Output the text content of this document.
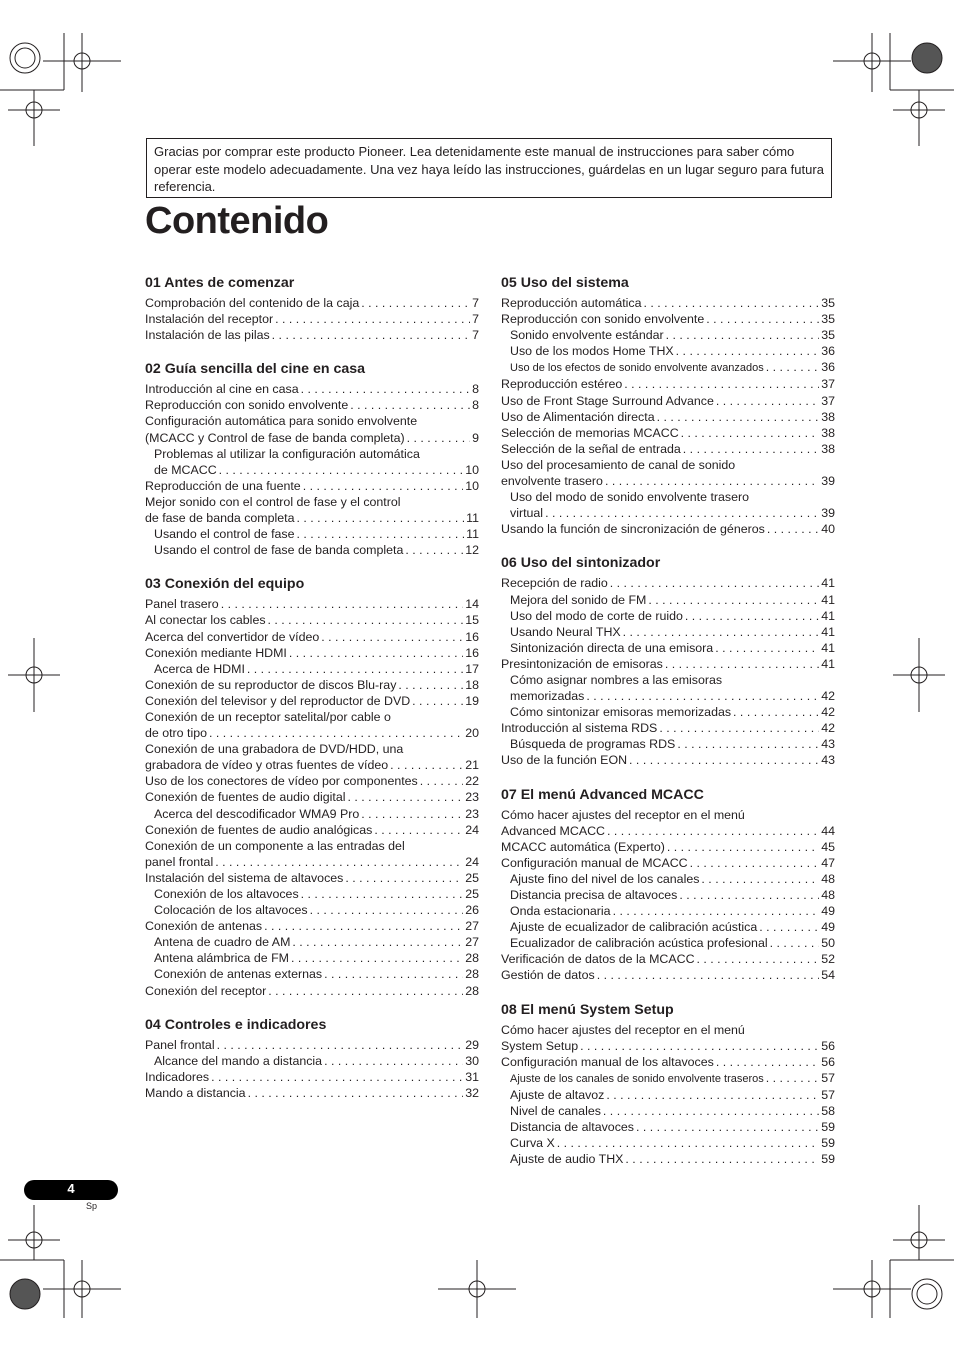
Gracias por comprar este producto Pioneer. Lea detenidamente este manual de instrucciones para saber cómo operar este modelo adecuadamente. Una vez haya leído las instrucciones, guárdelas en un lugar seguro para futura referencia.
Contenido
01 Antes de comenzar
Comprobación del contenido de la caja . . .	7
Instalación del receptor . . .	7
Instalación de las pilas . . .	7
02 Guía sencilla del cine en casa
Introducción al cine en casa . . .	8
Reproducción con sonido envolvente . . .	8
Configuración automática para sonido envolvente
(MCACC y Control de fase de banda completa) . . .	9
Problemas al utilizar la configuración automática
de MCACC . . .	10
Reproducción de una fuente . . .	10
Mejor sonido con el control de fase y el control
de fase de banda completa . . .	11
Usando el control de fase . . .	11
Usando el control de fase de banda completa . . .	12
03 Conexión del equipo
Panel trasero . . .	14
Al conectar los cables . . .	15
Acerca del convertidor de vídeo . . .	16
Conexión mediante HDMI . . .	16
Acerca de HDMI . . .	17
Conexión de su reproductor de discos Blu-ray . . .	18
Conexión del televisor y del reproductor de DVD . . .	19
Conexión de un receptor satelital/por cable o
de otro tipo . . .	20
Conexión de una grabadora de DVD/HDD, una
grabadora de vídeo y otras fuentes de vídeo . . .	21
Uso de los conectores de vídeo por componentes . . .	22
Conexión de fuentes de audio digital . . .	23
Acerca del descodificador WMA9 Pro . . .	23
Conexión de fuentes de audio analógicas . . .	24
Conexión de un componente a las entradas del
panel frontal . . .	24
Instalación del sistema de altavoces . . .	25
Conexión de los altavoces . . .	25
Colocación de los altavoces . . .	26
Conexión de antenas . . .	27
Antena de cuadro de AM . . .	27
Antena alámbrica de FM . . .	28
Conexión de antenas externas . . .	28
Conexión del receptor . . .	28
04 Controles e indicadores
Panel frontal . . .	29
Alcance del mando a distancia . . .	30
Indicadores . . .	31
Mando a distancia . . .	32
05 Uso del sistema
Reproducción automática . . .	35
Reproducción con sonido envolvente . . .	35
Sonido envolvente estándar . . .	35
Uso de los modos Home THX . . .	36
Uso de los efectos de sonido envolvente avanzados . . .	36
Reproducción estéreo . . .	37
Uso de Front Stage Surround Advance . . .	37
Uso de Alimentación directa . . .	38
Selección de memorias MCACC . . .	38
Selección de la señal de entrada . . .	38
Uso del procesamiento de canal de sonido
envolvente trasero . . .	39
Uso del modo de sonido envolvente trasero
virtual . . .	39
Usando la función de sincronización de géneros . . .	40
06 Uso del sintonizador
Recepción de radio . . .	41
Mejora del sonido de FM . . .	41
Uso del modo de corte de ruido . . .	41
Usando Neural THX . . .	41
Sintonización directa de una emisora . . .	41
Presintonización de emisoras . . .	41
Cómo asignar nombres a las emisoras
memorizadas . . .	42
Cómo sintonizar emisoras memorizadas . . .	42
Introducción al sistema RDS . . .	42
Búsqueda de programas RDS . . .	43
Uso de la función EON . . .	43
07 El menú Advanced MCACC
Cómo hacer ajustes del receptor en el menú
Advanced MCACC . . .	44
MCACC automática (Experto) . . .	45
Configuración manual de MCACC . . .	47
Ajuste fino del nivel de los canales . . .	48
Distancia precisa de altavoces . . .	48
Onda estacionaria . . .	49
Ajuste de ecualizador de calibración acústica . . .	49
Ecualizador de calibración acústica profesional . . .	50
Verificación de datos de la MCACC . . .	52
Gestión de datos . . .	54
08 El menú System Setup
Cómo hacer ajustes del receptor en el menú
System Setup . . .	56
Configuración manual de los altavoces . . .	56
Ajuste de los canales de sonido envolvente traseros . . .	57
Ajuste de altavoz . . .	57
Nivel de canales . . .	58
Distancia de altavoces . . .	59
Curva X . . .	59
Ajuste de audio THX . . .	59
4
Sp
